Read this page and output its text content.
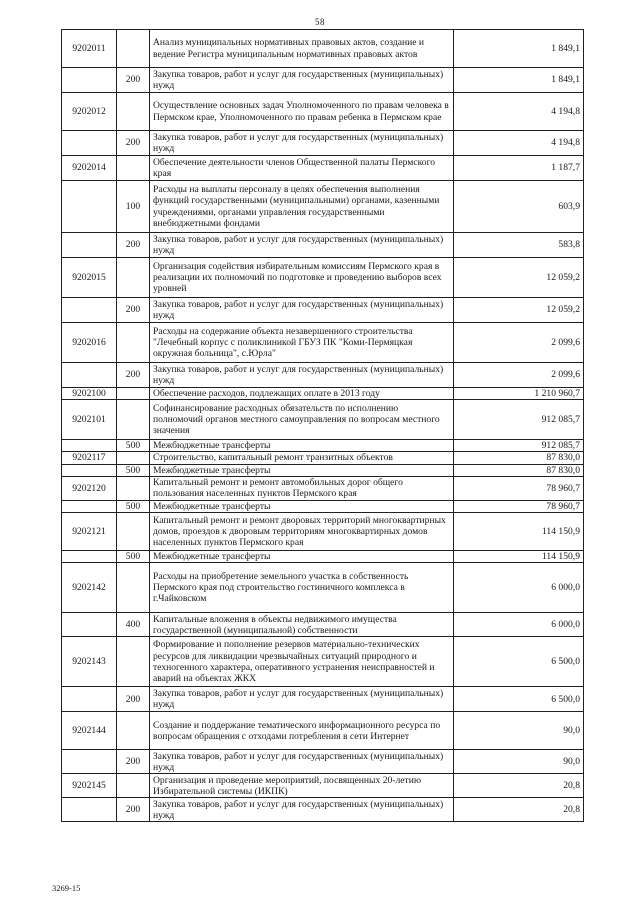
58
9202011		Анализ муниципальных нормативных правовых актов, создание и ведение Регистра муниципальным нормативных правовых актов	1 849,1
	200	Закупка товаров, работ и услуг для государственных (муниципальных) нужд	1 849,1
9202012		Осуществление основных задач Уполномоченного по правам человека в Пермском крае, Уполномоченного по правам ребенка в Пермском крае	4 194,8
	200	Закупка товаров, работ и услуг для государственных (муниципальных) нужд	4 194,8
9202014		Обеспечение деятельности членов Общественной палаты Пермского края	1 187,7
	100	Расходы на выплаты персоналу в целях обеспечения выполнения функций государственными (муниципальными) органами, казенными учреждениями, органами управления государственными внебюджетными фондами	603,9
	200	Закупка товаров, работ и услуг для государственных (муниципальных) нужд	583,8
9202015		Организация содействия избирательным комиссиям Пермского края в реализации их полномочий по подготовке и проведению выборов всех уровней	12 059,2
	200	Закупка товаров, работ и услуг для государственных (муниципальных) нужд	12 059,2
9202016		Расходы на содержание объекта незавершенного строительства "Лечебный корпус с поликлиникой ГБУЗ ПК "Коми-Пермяцкая окружная больница", с.Юрла"	2 099,6
	200	Закупка товаров, работ и услуг для государственных (муниципальных) нужд	2 099,6
9202100		Обеспечение расходов, подлежащих оплате в 2013 году	1 210 960,7
9202101		Софинансирование расходных обязательств по исполнению полномочий органов местного самоуправления по вопросам местного значения	912 085,7
	500	Межбюджетные трансферты	912 085,7
9202117		Строительство, капитальный ремонт транзитных объектов	87 830,0
	500	Межбюджетные трансферты	87 830,0
9202120		Капитальный ремонт и ремонт автомобильных дорог общего пользования населенных пунктов Пермского края	78 960,7
	500	Межбюджетные трансферты	78 960,7
9202121		Капитальный ремонт и ремонт дворовых территорий многоквартирных домов, проездов к дворовым территориям многоквартирных домов населенных пунктов Пермского края	114 150,9
	500	Межбюджетные трансферты	114 150,9
9202142		Расходы на приобретение земельного участка в собственность Пермского края под строительство гостиничного комплекса в г.Чайковском	6 000,0
	400	Капитальные вложения в объекты недвижимого имущества государственной (муниципальной) собственности	6 000,0
9202143		Формирование и пополнение резервов материально-технических ресурсов для ликвидации чрезвычайных ситуаций природного и техногенного характера, оперативного устранения неисправностей и аварий на объектах ЖКХ	6 500,0
	200	Закупка товаров, работ и услуг для государственных (муниципальных) нужд	6 500,0
9202144		Создание и поддержание тематического информационного ресурса по вопросам обращения с отходами потребления в сети Интернет	90,0
	200	Закупка товаров, работ и услуг для государственных (муниципальных) нужд	90,0
9202145		Организация и проведение мероприятий, посвященных 20-летию Избирательной системы (ИКПК)	20,8
	200	Закупка товаров, работ и услуг для государственных (муниципальных) нужд	20,8
3269-15
